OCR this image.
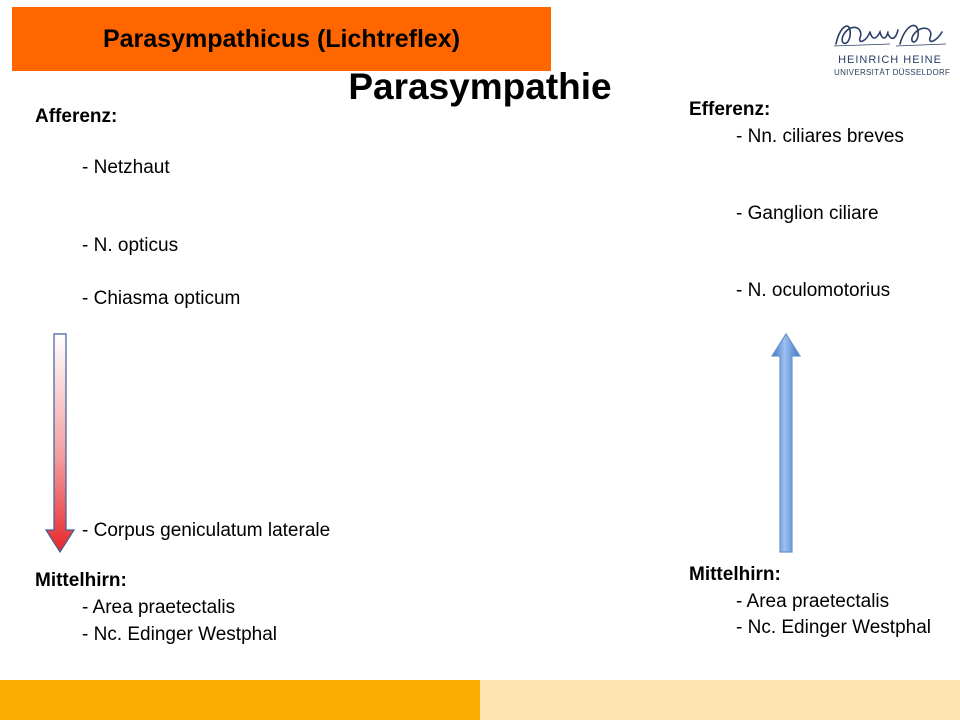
Parasympathicus (Lichtreflex)
HEINRICH HEINE
UNIVERSITÄT DÜSSELDORF
Parasympathie
Afferenz:
- Netzhaut
- N. opticus
- Chiasma opticum
- Corpus geniculatum laterale
Mittelhirn:
- Area praetectalis
- Nc. Edinger Westphal
Efferenz:
- Nn. ciliares breves
- Ganglion ciliare
- N. oculomotorius
Mittelhirn:
- Area praetectalis
- Nc. Edinger Westphal
